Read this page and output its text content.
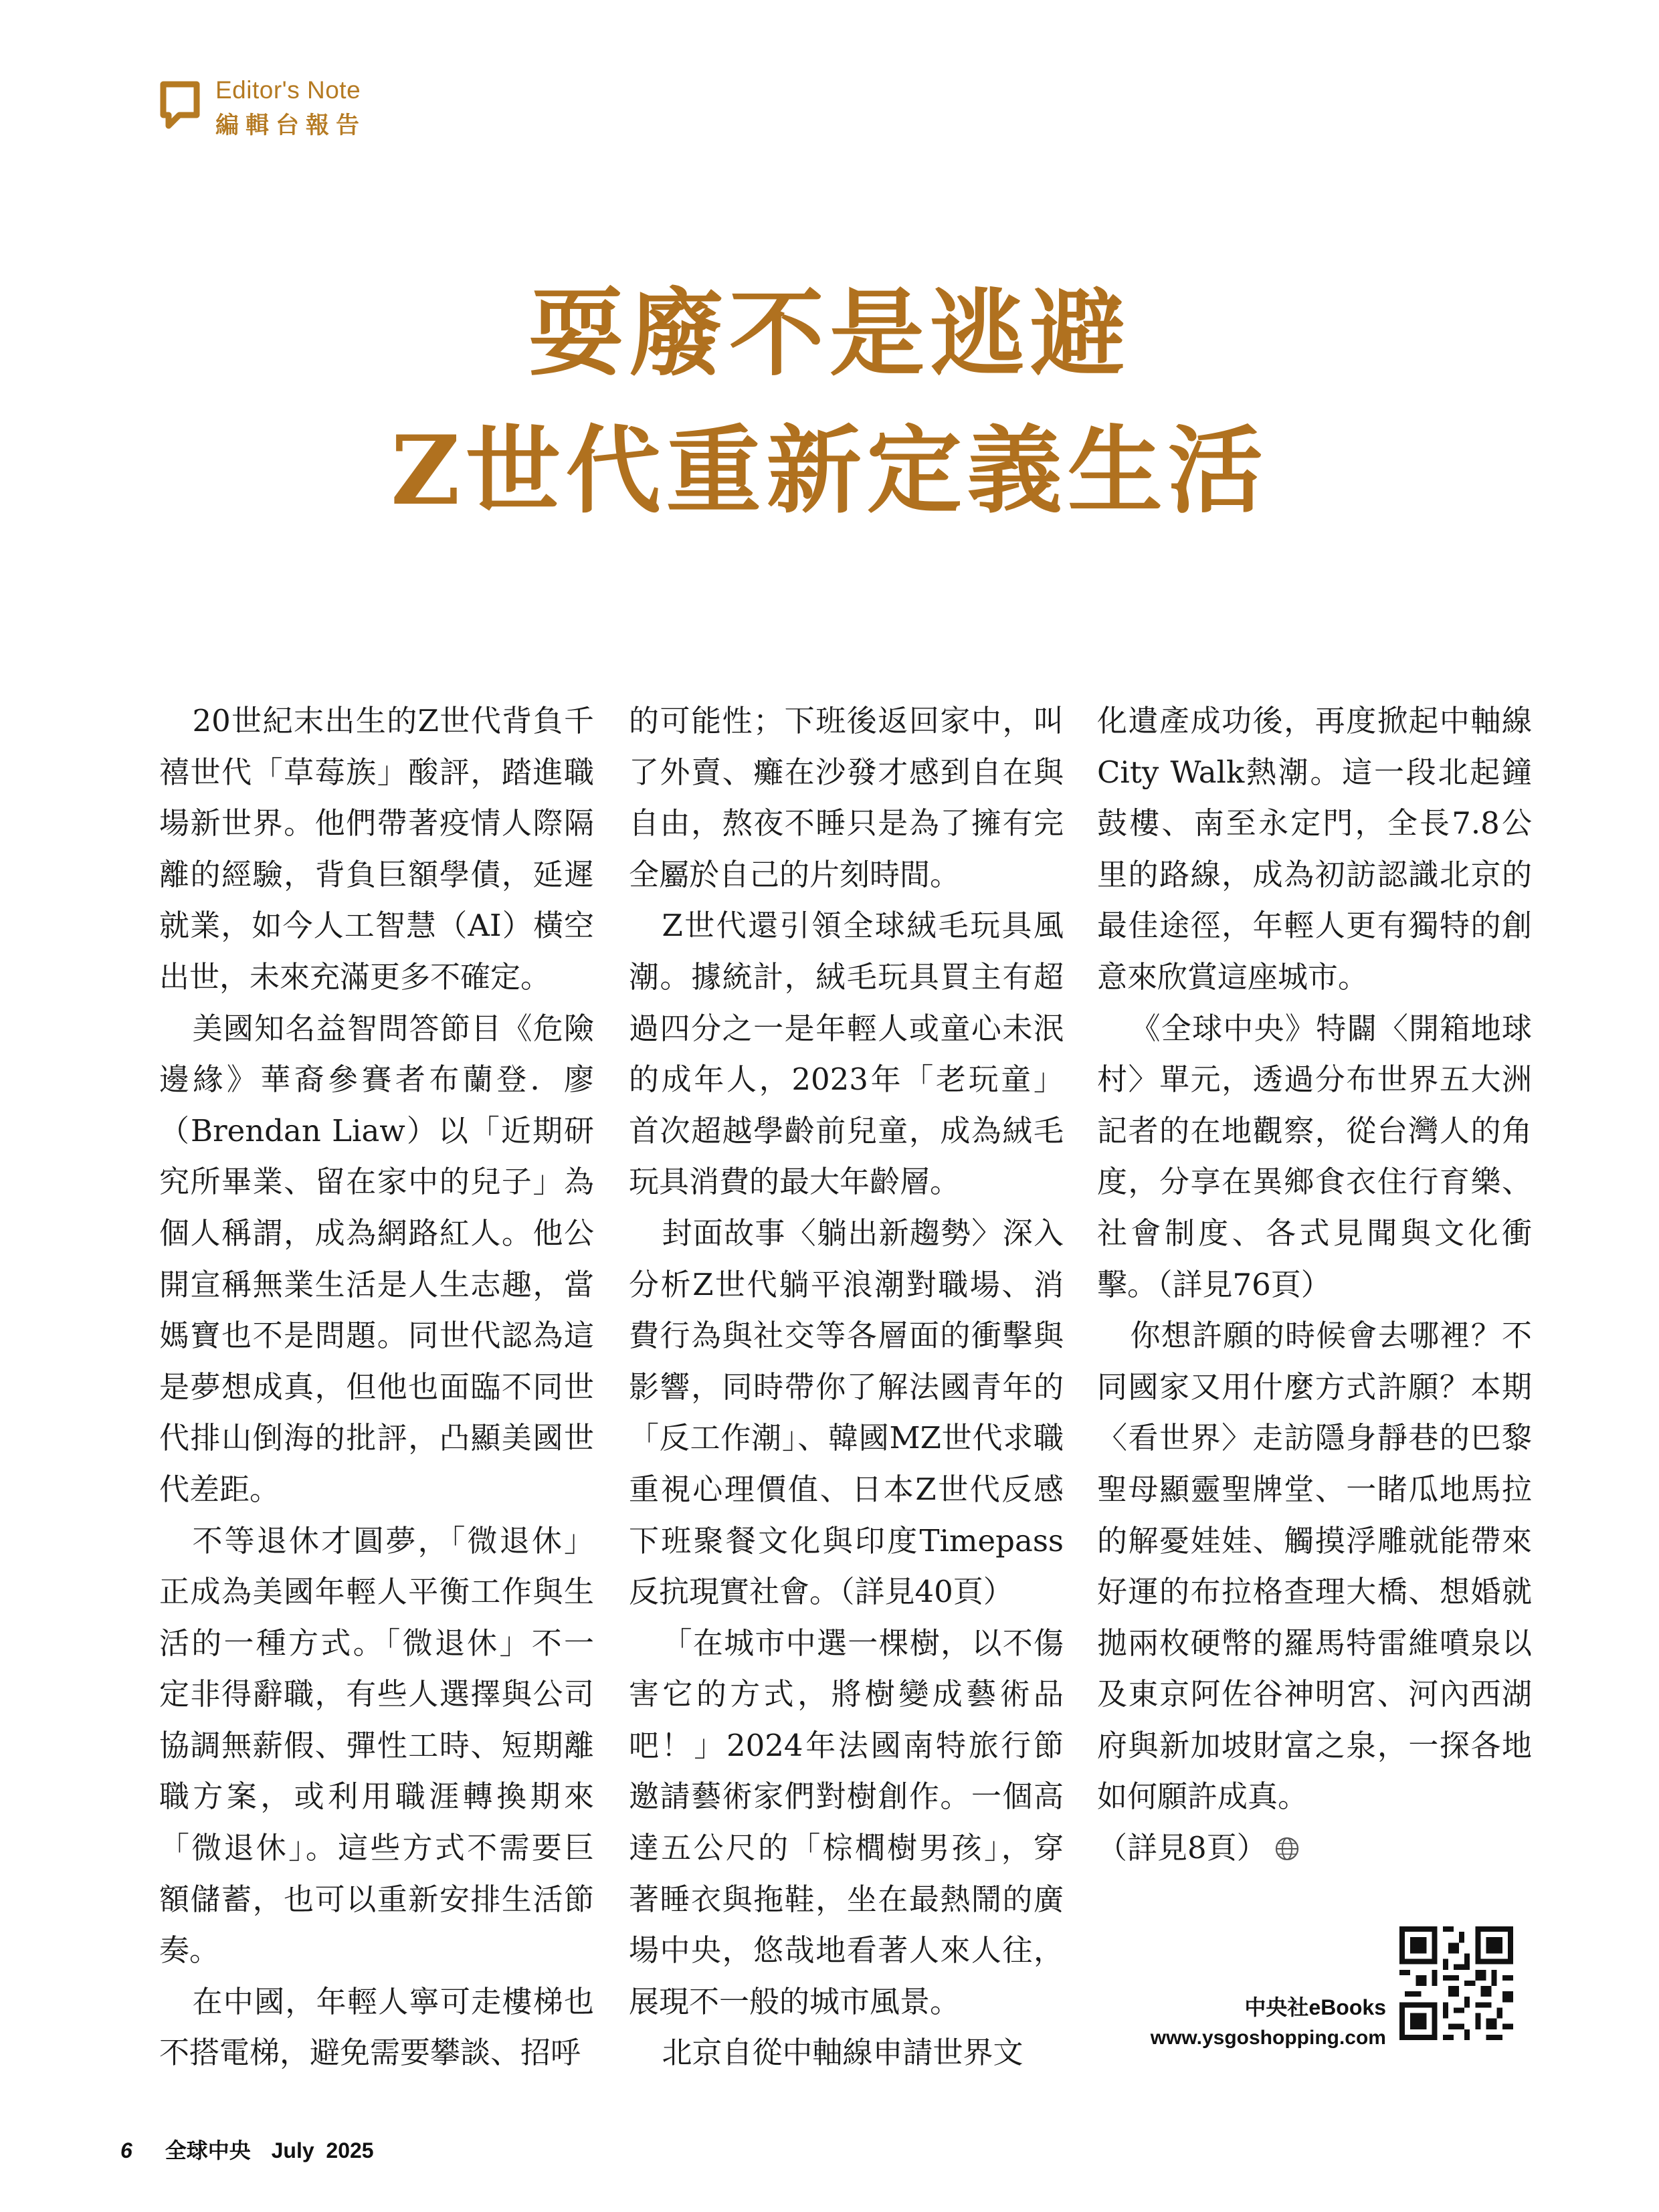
Editor's Note
編輯台報告
耍廢不是逃避
Z世代重新定義生活

20世紀末出生的Z世代背負千禧世代「草莓族」酸評，踏進職場新世界。他們帶著疫情人際隔離的經驗，背負巨額學債，延遲就業，如今人工智慧（AI）橫空出世，未來充滿更多不確定。

美國知名益智問答節目《危險邊緣》華裔參賽者布蘭登．廖（Brendan Liaw）以「近期研究所畢業、留在家中的兒子」為個人稱謂，成為網路紅人。他公開宣稱無業生活是人生志趣，當媽寶也不是問題。同世代認為這是夢想成真，但他也面臨不同世代排山倒海的批評，凸顯美國世代差距。

不等退休才圓夢，「微退休」正成為美國年輕人平衡工作與生活的一種方式。「微退休」不一定非得辭職，有些人選擇與公司協調無薪假、彈性工時、短期離職方案，或利用職涯轉換期來「微退休」。這些方式不需要巨額儲蓄，也可以重新安排生活節奏。

在中國，年輕人寧可走樓梯也不搭電梯，避免需要攀談、招呼

的可能性；下班後返回家中，叫了外賣、癱在沙發才感到自在與自由，熬夜不睡只是為了擁有完全屬於自己的片刻時間。

Z世代還引領全球絨毛玩具風潮。據統計，絨毛玩具買主有超過四分之一是年輕人或童心未泯的成年人，2023年「老玩童」首次超越學齡前兒童，成為絨毛玩具消費的最大年齡層。

封面故事〈躺出新趨勢〉深入分析Z世代躺平浪潮對職場、消費行為與社交等各層面的衝擊與影響，同時帶你了解法國青年的「反工作潮」、韓國MZ世代求職重視心理價值、日本Z世代反感下班聚餐文化與印度Timepass反抗現實社會。（詳見40頁）

「在城市中選一棵樹，以不傷害它的方式，將樹變成藝術品吧！」2024年法國南特旅行節邀請藝術家們對樹創作。一個高達五公尺的「棕櫚樹男孩」，穿著睡衣與拖鞋，坐在最熱鬧的廣場中央，悠哉地看著人來人往，展現不一般的城市風景。

北京自從中軸線申請世界文

化遺產成功後，再度掀起中軸線City Walk熱潮。這一段北起鐘鼓樓、南至永定門，全長7.8公里的路線，成為初訪認識北京的最佳途徑，年輕人更有獨特的創意來欣賞這座城市。

《全球中央》特闢〈開箱地球村〉單元，透過分布世界五大洲記者的在地觀察，從台灣人的角度，分享在異鄉食衣住行育樂、社會制度、各式見聞與文化衝擊。（詳見76頁）

你想許願的時候會去哪裡？不同國家又用什麼方式許願？本期〈看世界〉走訪隱身靜巷的巴黎聖母顯靈聖牌堂、一睹瓜地馬拉的解憂娃娃、觸摸浮雕就能帶來好運的布拉格查理大橋、想婚就拋兩枚硬幣的羅馬特雷維噴泉以及東京阿佐谷神明宮、河內西湖府與新加坡財富之泉，一探各地如何願許成真。

（詳見8頁）

中央社eBooks
www.ysgoshopping.com
6 全球中央 July  2025
